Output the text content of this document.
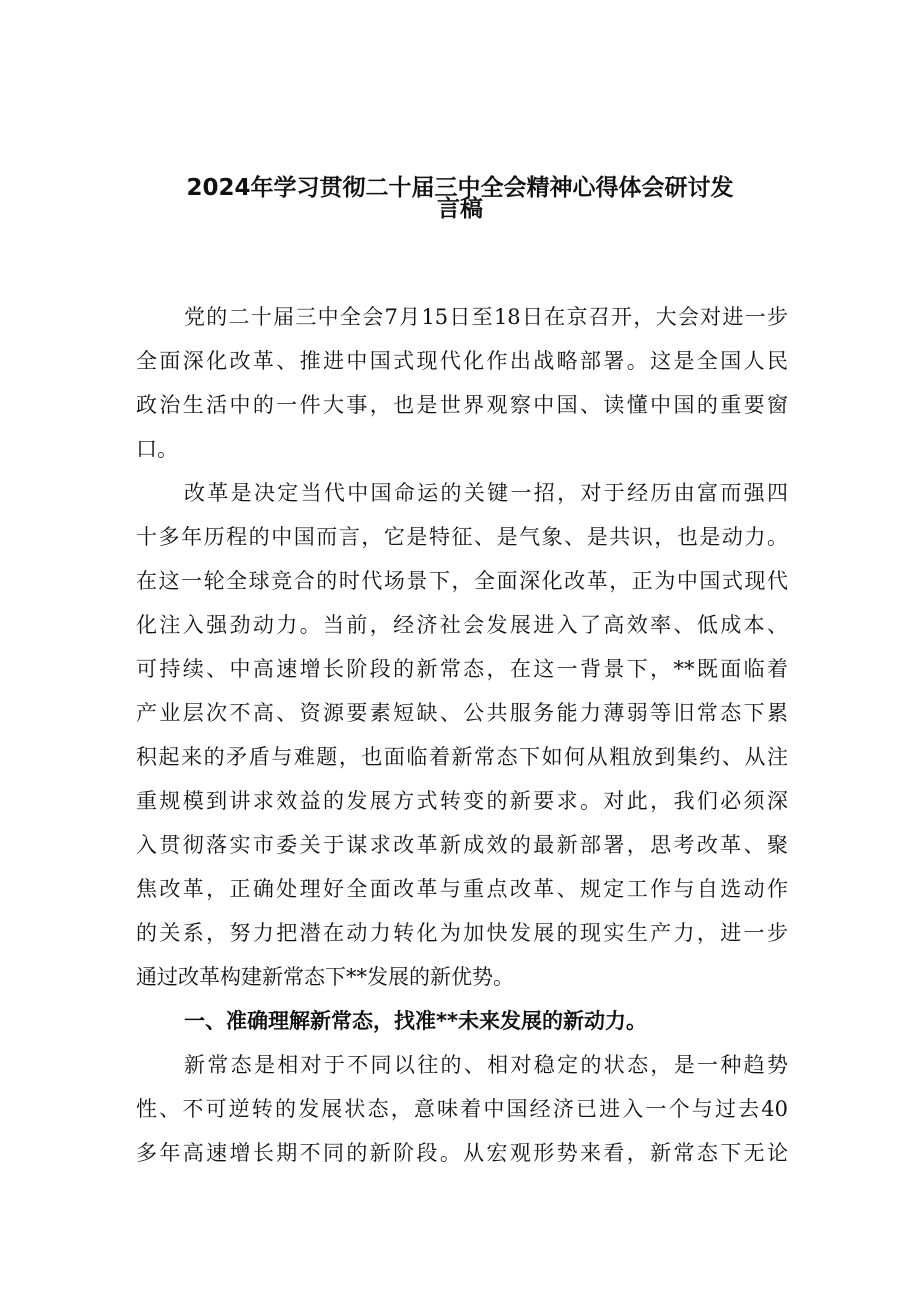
2024年学习贯彻二十届三中全会精神心得体会研讨发
言稿
党的二十届三中全会7月15日至18日在京召开，大会对进一步
全面深化改革、推进中国式现代化作出战略部署。这是全国人民
政治生活中的一件大事，也是世界观察中国、读懂中国的重要窗
口。
改革是决定当代中国命运的关键一招，对于经历由富而强四
十多年历程的中国而言，它是特征、是气象、是共识，也是动力。
在这一轮全球竞合的时代场景下，全面深化改革，正为中国式现代
化注入强劲动力。当前，经济社会发展进入了高效率、低成本、
可持续、中高速增长阶段的新常态，在这一背景下，**既面临着
产业层次不高、资源要素短缺、公共服务能力薄弱等旧常态下累
积起来的矛盾与难题，也面临着新常态下如何从粗放到集约、从注
重规模到讲求效益的发展方式转变的新要求。对此，我们必须深
入贯彻落实市委关于谋求改革新成效的最新部署，思考改革、聚
焦改革，正确处理好全面改革与重点改革、规定工作与自选动作
的关系，努力把潜在动力转化为加快发展的现实生产力，进一步
通过改革构建新常态下**发展的新优势。
一、准确理解新常态，找准**未来发展的新动力。
新常态是相对于不同以往的、相对稳定的状态，是一种趋势
性、不可逆转的发展状态，意味着中国经济已进入一个与过去40
多年高速增长期不同的新阶段。从宏观形势来看，新常态下无论
